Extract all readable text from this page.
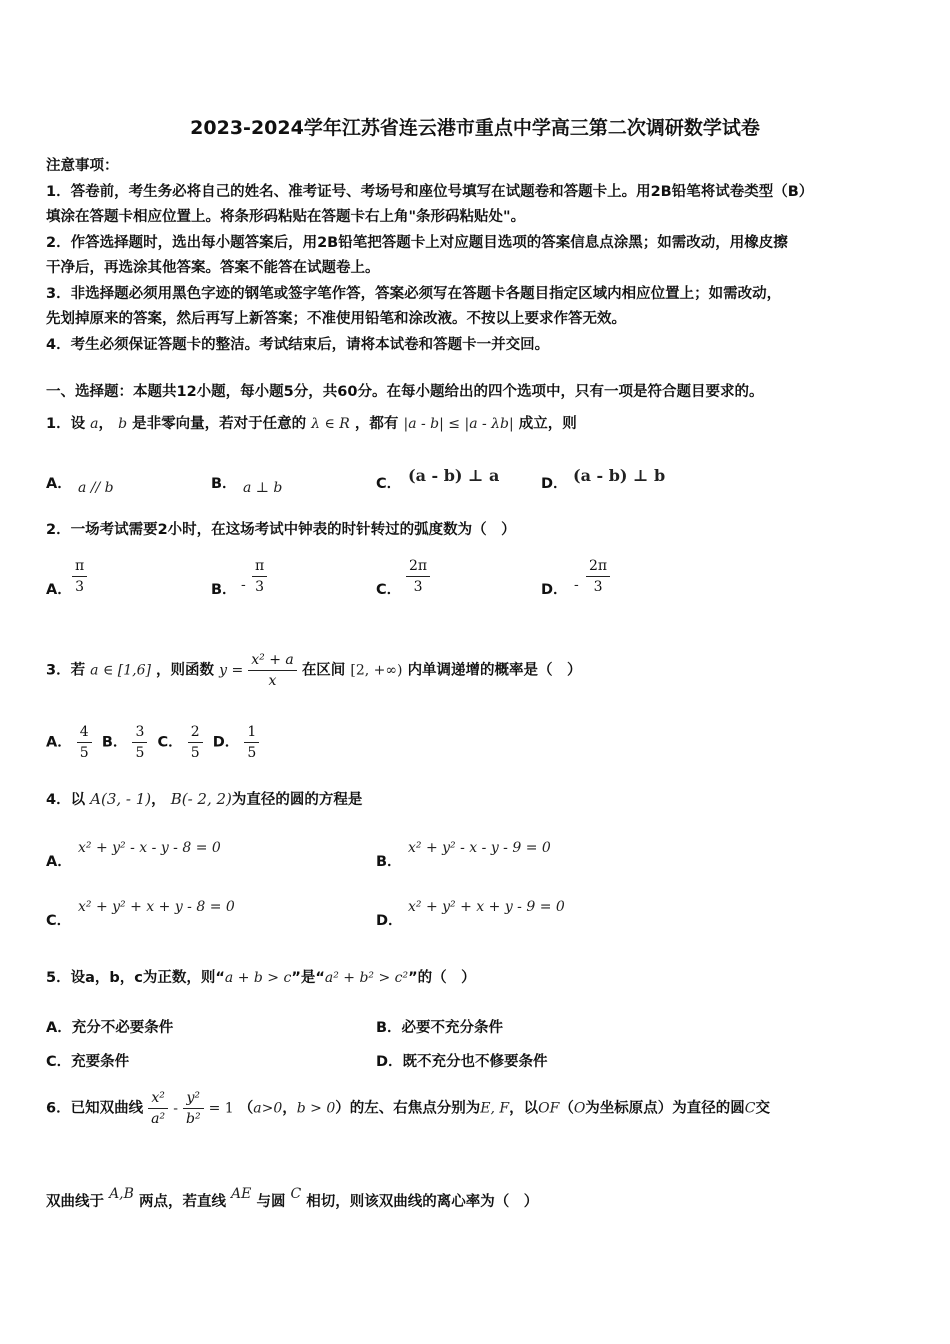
2023-2024学年江苏省连云港市重点中学高三第二次调研数学试卷
注意事项：
1．答卷前，考生务必将自己的姓名、准考证号、考场号和座位号填写在试题卷和答题卡上。用2B铅笔将试卷类型（B）
填涂在答题卡相应位置上。将条形码粘贴在答题卡右上角"条形码粘贴处"。
2．作答选择题时，选出每小题答案后，用2B铅笔把答题卡上对应题目选项的答案信息点涂黑；如需改动，用橡皮擦
干净后，再选涂其他答案。答案不能答在试题卷上。
3．非选择题必须用黑色字迹的钢笔或签字笔作答，答案必须写在答题卡各题目指定区域内相应位置上；如需改动，
先划掉原来的答案，然后再写上新答案；不准使用铅笔和涂改液。不按以上要求作答无效。
4．考生必须保证答题卡的整洁。考试结束后，请将本试卷和答题卡一并交回。
一、选择题：本题共12小题，每小题5分，共60分。在每小题给出的四个选项中，只有一项是符合题目要求的。
1．设 a， b 是非零向量，若对于任意的 λ ∈ R ，都有 |a - b| ≤ |a - λb| 成立，则
A． a // b	B． a ⊥ b	C． (a - b) ⊥ a	D． (a - b) ⊥ b
2．一场考试需要2小时，在这场考试中钟表的时针转过的弧度数为（　）
A． $\frac{\pi}{3}$	B． - $\frac{\pi}{3}$	C． $\frac{2\pi}{3}$	D． - $\frac{2\pi}{3}$
3．若 a ∈ [1,6] ，则函数 $y = \frac{\text{x² + a}}{x}$ 在区间 [2, +∞) 内单调递增的概率是（　）
A． $\frac{4}{5}$ B． $\frac{3}{5}$ C． $\frac{2}{5}$ D． $\frac{1}{5}$
4．以 A(3, - 1)， B(- 2, 2)为直径的圆的方程是
A．
x² + y² - x - y - 8 = 0
B．
x² + y² - x - y - 9 = 0
C．
x² + y² + x + y - 8 = 0
D．
x² + y² + x + y - 9 = 0
5．设a，b，c为正数，则“a + b > c”是“a² + b² > c²”的（　）
A．充分不必要条件	B．必要不充分条件
C．充要条件	D．既不充分也不修要条件
6．已知双曲线 $\frac{\text{x²}}{\text{a²}} - \frac{\text{y²}}{\text{b²}} = 1$ （a>0，b > 0）的左、右焦点分别为E, F，以OF（O为坐标原点）为直径的圆C交
双曲线于 A,B 两点，若直线 AE 与圆 C 相切，则该双曲线的离心率为（　）
